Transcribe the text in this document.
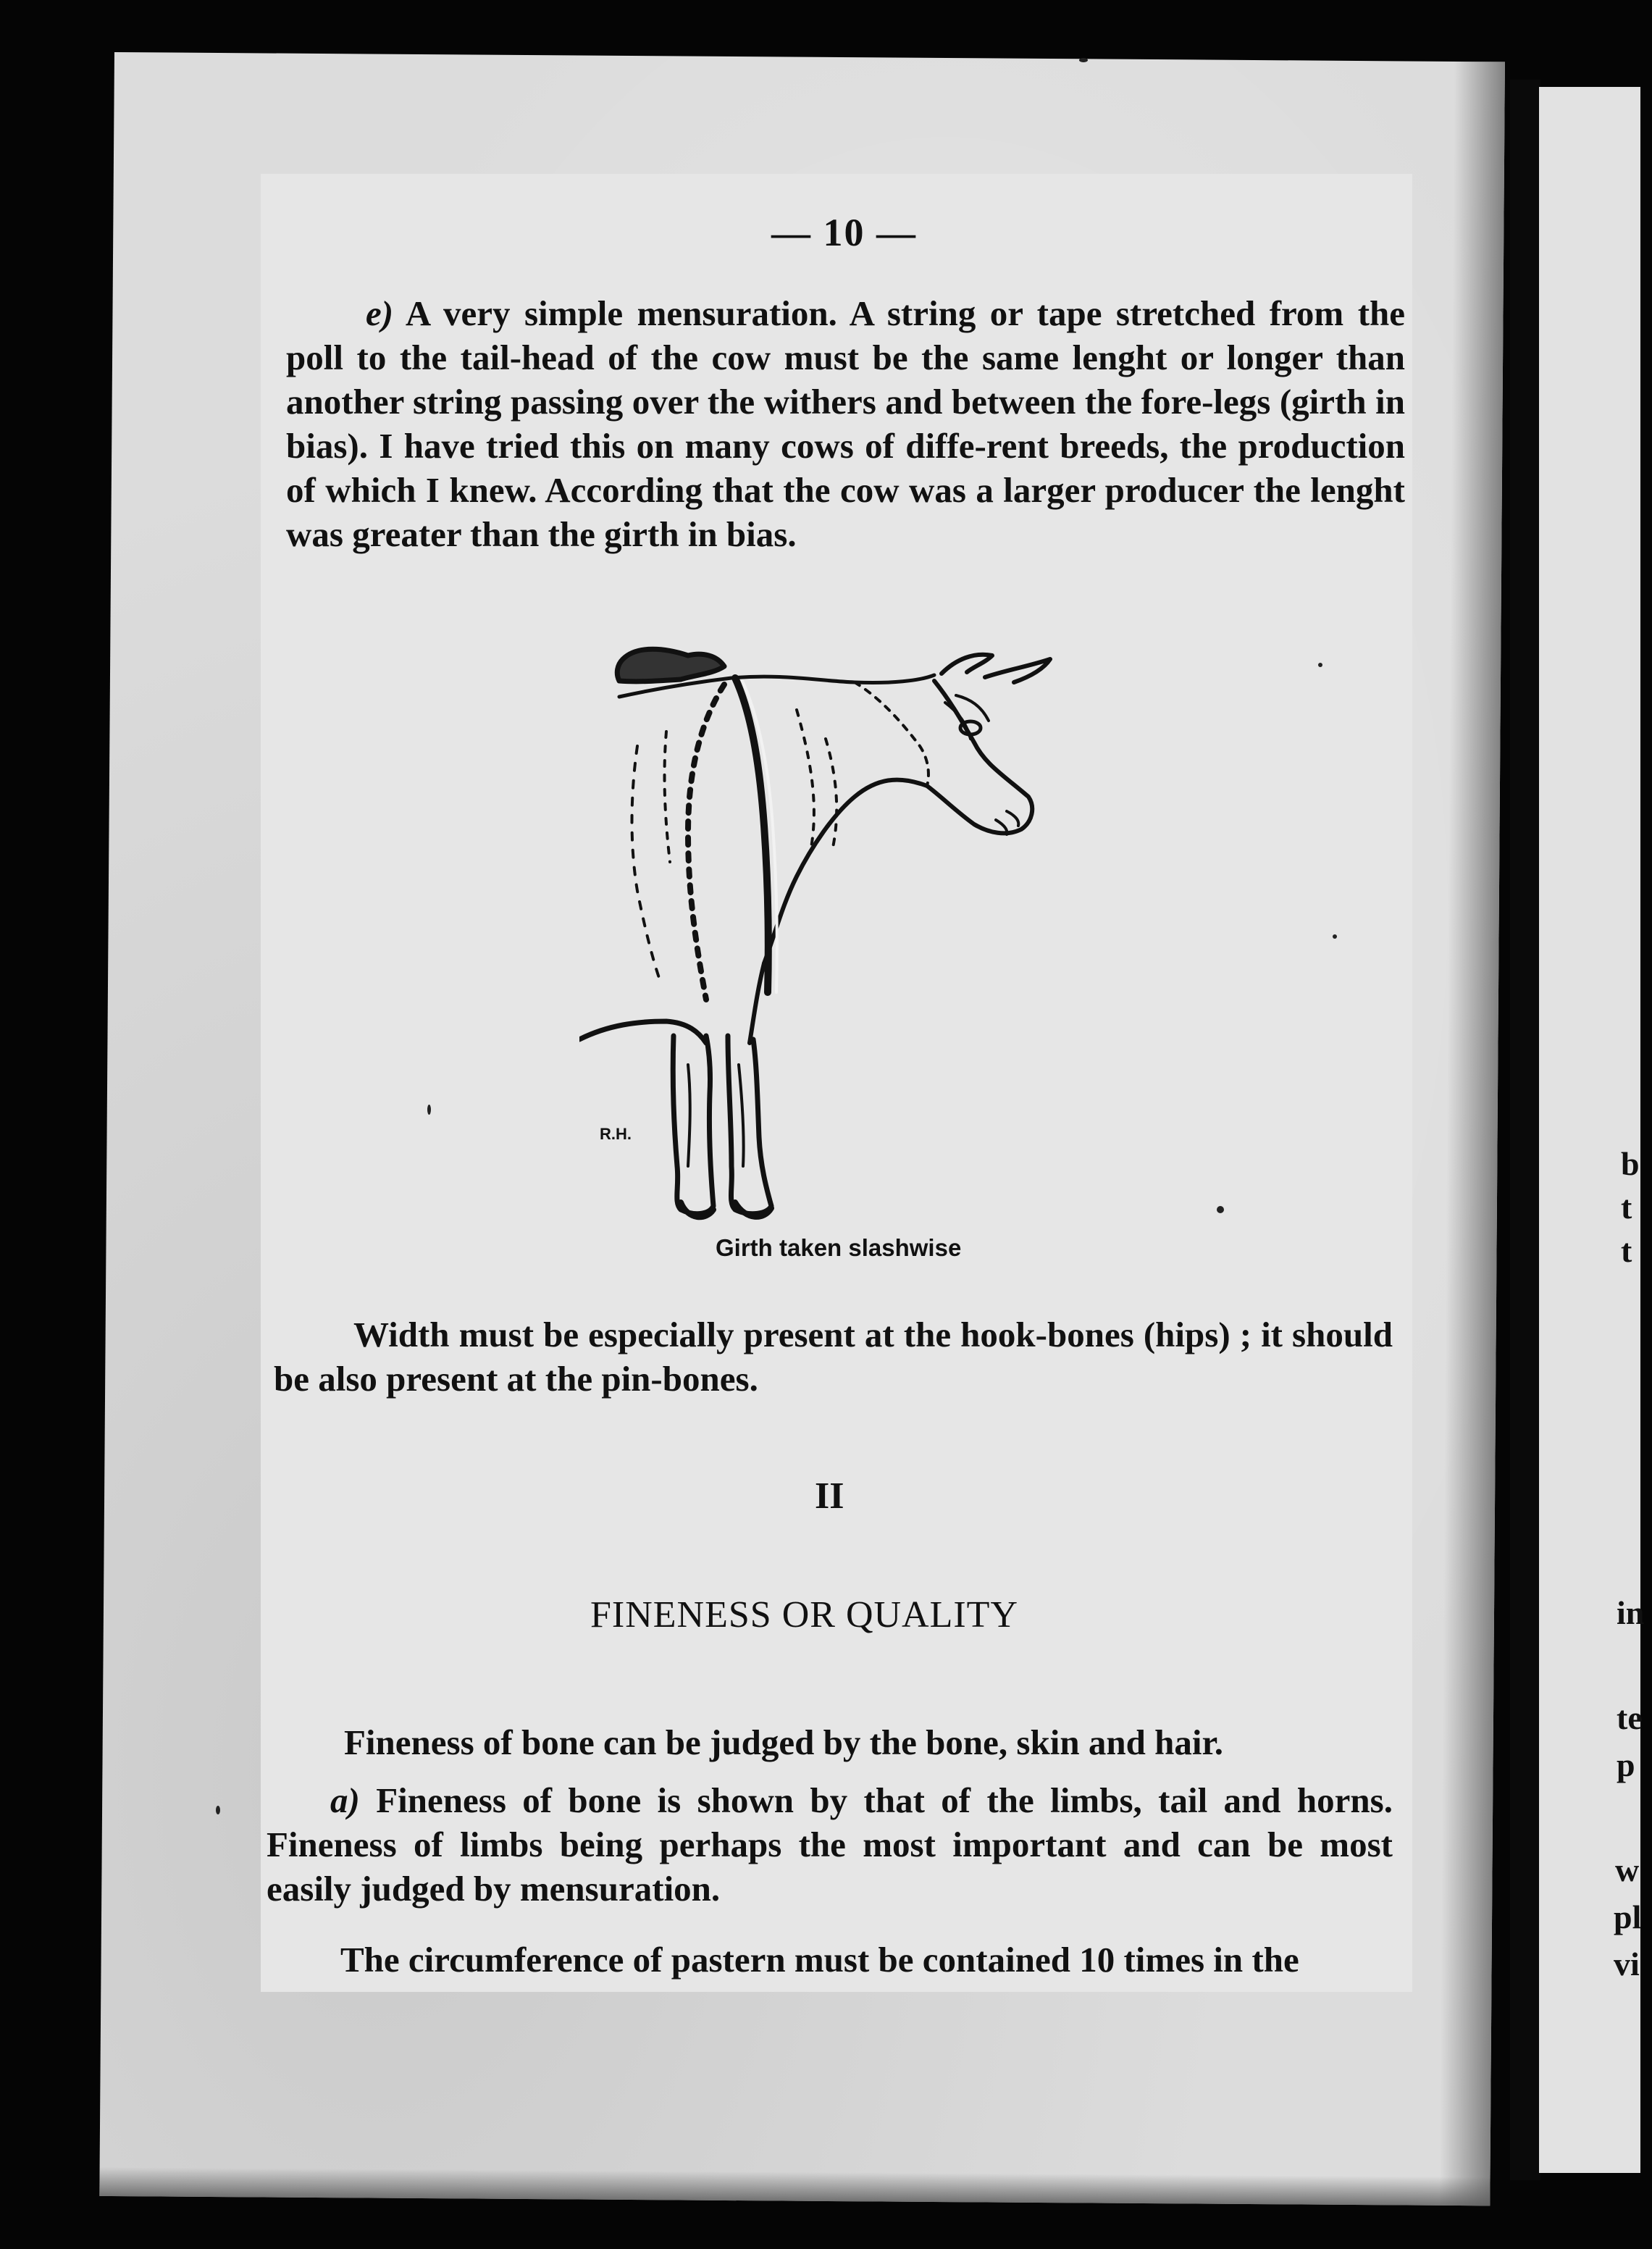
— 10 —

e) A very simple mensuration. A string or tape stretched from the poll to the tail-head of the cow must be the same lenght or longer than another string passing over the withers and between the fore-legs (girth in bias). I have tried this on many cows of diffe-rent breeds, the production of which I knew. According that the cow was a larger producer the lenght was greater than the girth in bias.

R.H.
Girth taken slashwise

Width must be especially present at the hook-bones (hips) ; it should be also present at the pin-bones.

II
FINENESS OR QUALITY

Fineness of bone can be judged by the bone, skin and hair.

a) Fineness of bone is shown by that of the limbs, tail and horns. Fineness of limbs being perhaps the most important and can be most easily judged by mensuration.

The circumference of pastern must be contained 10 times in the

b
t
t
in
te
p
w
pl
vi
